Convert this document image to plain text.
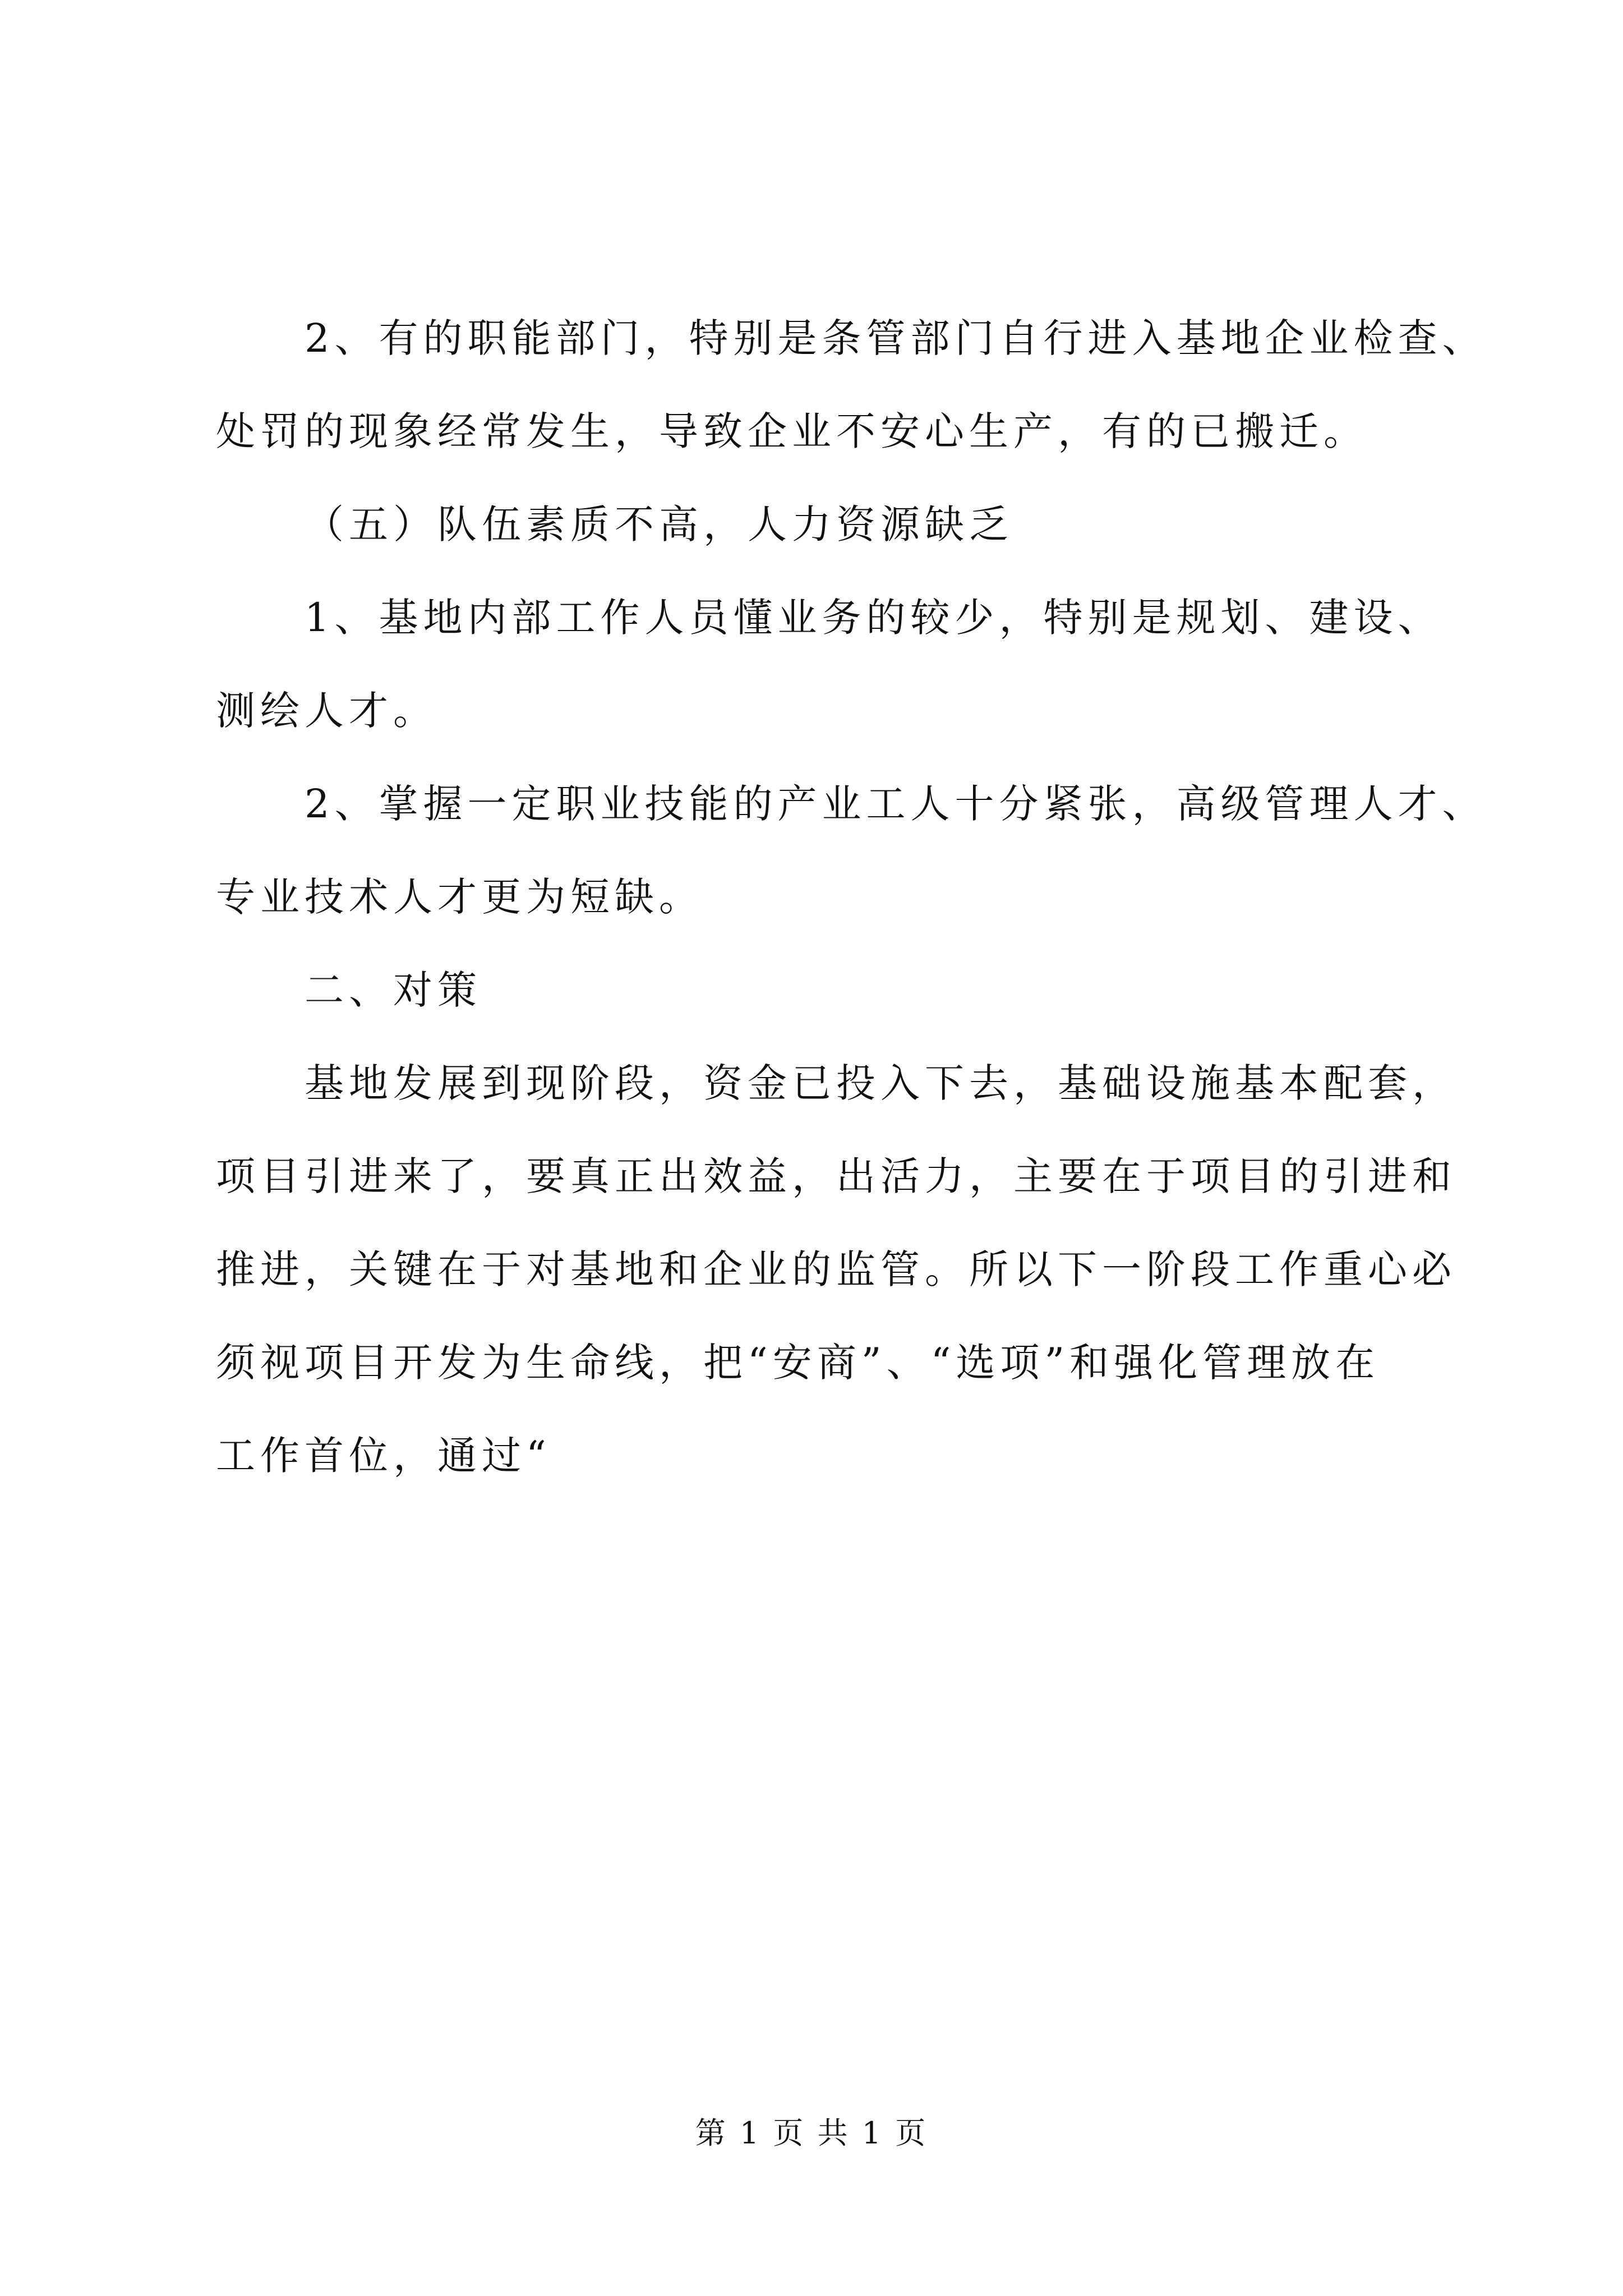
2、有的职能部门，特别是条管部门自行进入基地企业检查、
处罚的现象经常发生，导致企业不安心生产，有的已搬迁。
（五）队伍素质不高，人力资源缺乏
1、基地内部工作人员懂业务的较少，特别是规划、建设、
测绘人才。
2、掌握一定职业技能的产业工人十分紧张，高级管理人才、
专业技术人才更为短缺。
二、对策
基地发展到现阶段，资金已投入下去，基础设施基本配套，
项目引进来了，要真正出效益，出活力，主要在于项目的引进和
推进，关键在于对基地和企业的监管。所以下一阶段工作重心必
须视项目开发为生命线，把“安商”、“选项”和强化管理放在
工作首位，通过“
第 1 页 共 1 页
